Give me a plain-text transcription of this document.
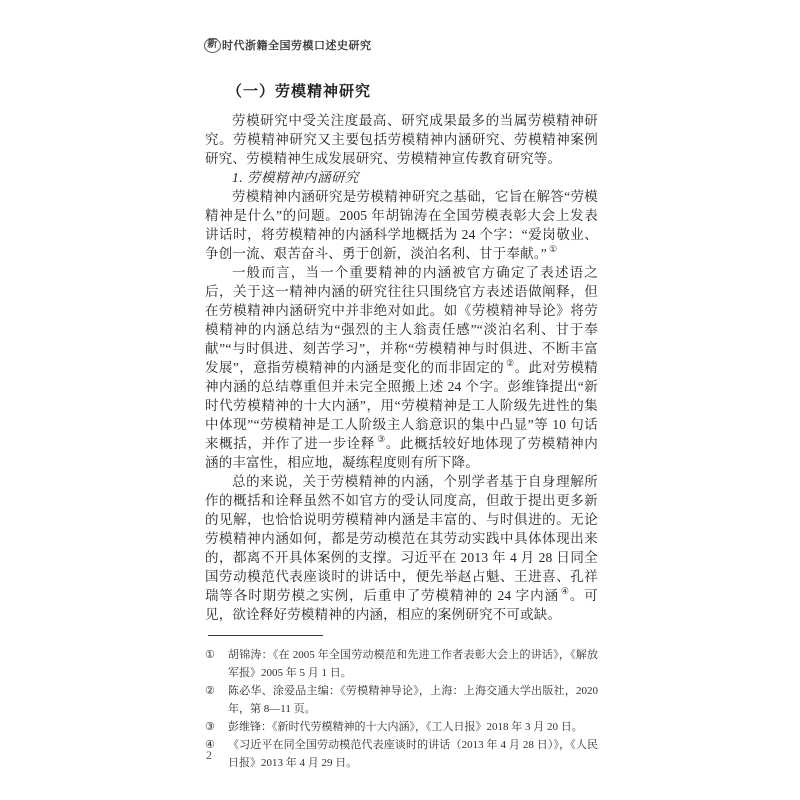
新 时代浙籍全国劳模口述史研究
（一）劳模精神研究

劳模研究中受关注度最高、研究成果最多的当属劳模精神研究。劳模精神研究又主要包括劳模精神内涵研究、劳模精神案例研究、劳模精神生成发展研究、劳模精神宣传教育研究等。

1. 劳模精神内涵研究

劳模精神内涵研究是劳模精神研究之基础，它旨在解答“劳模精神是什么”的问题。2005 年胡锦涛在全国劳模表彰大会上发表讲话时，将劳模精神的内涵科学地概括为 24 个字：“爱岗敬业、争创一流、艰苦奋斗、勇于创新，淡泊名利、甘于奉献。” ①

一般而言，当一个重要精神的内涵被官方确定了表述语之后，关于这一精神内涵的研究往往只围绕官方表述语做阐释，但在劳模精神内涵研究中并非绝对如此。如《劳模精神导论》将劳模精神的内涵总结为“强烈的主人翁责任感”“淡泊名利、甘于奉献”“与时俱进、刻苦学习”，并称“劳模精神与时俱进、不断丰富发展”，意指劳模精神的内涵是变化的而非固定的 ②。此对劳模精神内涵的总结尊重但并未完全照搬上述 24 个字。彭维锋提出“新时代劳模精神的十大内涵”，用“劳模精神是工人阶级先进性的集中体现”“劳模精神是工人阶级主人翁意识的集中凸显”等 10 句话来概括，并作了进一步诠释 ③。此概括较好地体现了劳模精神内涵的丰富性，相应地，凝练程度则有所下降。

总的来说，关于劳模精神的内涵，个别学者基于自身理解所作的概括和诠释虽然不如官方的受认同度高，但敢于提出更多新的见解，也恰恰说明劳模精神内涵是丰富的、与时俱进的。无论劳模精神内涵如何，都是劳动模范在其劳动实践中具体体现出来的，都离不开具体案例的支撑。习近平在 2013 年 4 月 28 日同全国劳动模范代表座谈时的讲话中，便先举赵占魁、王进喜、孔祥瑞等各时期劳模之实例，后重申了劳模精神的 24 字内涵 ④。可见，欲诠释好劳模精神的内涵，相应的案例研究不可或缺。

①	胡锦涛：《在 2005 年全国劳动模范和先进工作者表彰大会上的讲话》，《解放军报》2005 年 5 月 1 日。
②	陈必华、涂爱品主编：《劳模精神导论》，上海：上海交通大学出版社，2020 年，第 8—11 页。
③	彭维锋：《新时代劳模精神的十大内涵》，《工人日报》2018 年 3 月 20 日。
④	《习近平在同全国劳动模范代表座谈时的讲话（2013 年 4 月 28 日）》，《人民日报》2013 年 4 月 29 日。
2
